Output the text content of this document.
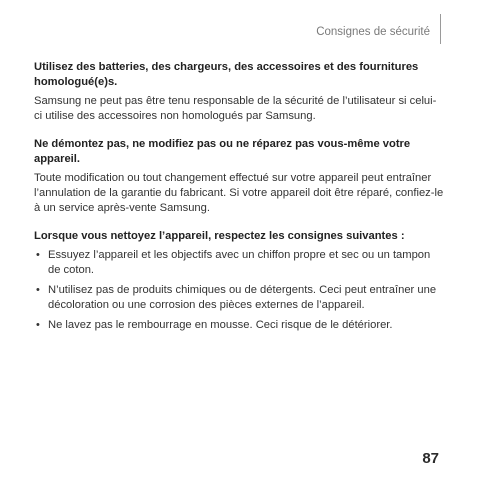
Consignes de sécurité

Utilisez des batteries, des chargeurs, des accessoires et des fournitures homologué(e)s.

Samsung ne peut pas être tenu responsable de la sécurité de l’utilisateur si celui-ci utilise des accessoires non homologués par Samsung.

Ne démontez pas, ne modifiez pas ou ne réparez pas vous-même votre appareil.

Toute modification ou tout changement effectué sur votre appareil peut entraîner l’annulation de la garantie du fabricant. Si votre appareil doit être réparé, confiez-le à un service après-vente Samsung.

Lorsque vous nettoyez l’appareil, respectez les consignes suivantes :

• Essuyez l’appareil et les objectifs avec un chiffon propre et sec ou un tampon de coton.
• N’utilisez pas de produits chimiques ou de détergents. Ceci peut entraîner une décoloration ou une corrosion des pièces externes de l’appareil.
• Ne lavez pas le rembourrage en mousse. Ceci risque de le détériorer.
87
